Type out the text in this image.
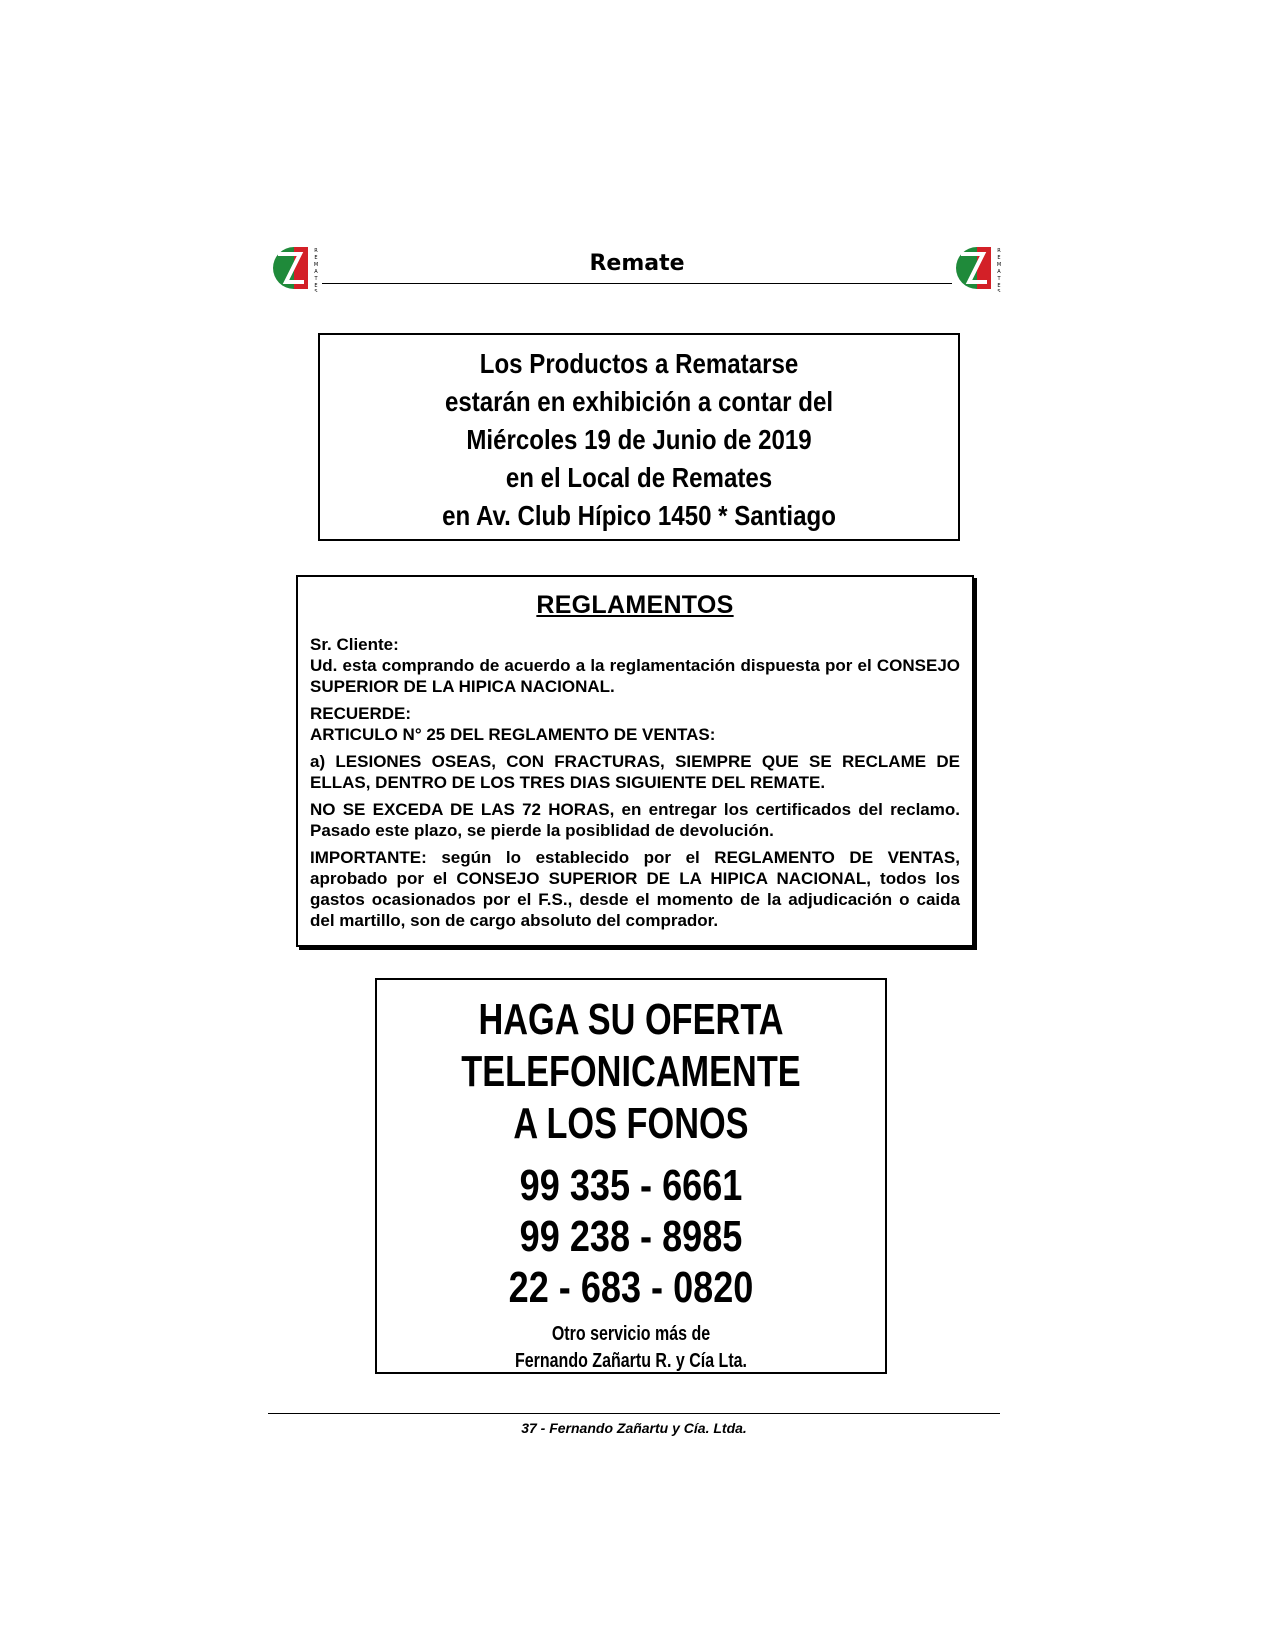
R
E
M
A
T
E
S
Remate	R
E
M
A
T
E
S
Los Productos a Rematarse
estarán en exhibición a contar del
Miércoles 19 de Junio de 2019
en el Local de Remates
en Av. Club Hípico 1450 * Santiago
REGLAMENTOS

Sr. Cliente:

Ud. esta comprando de acuerdo a la reglamentación dispuesta por el CONSEJO SUPERIOR DE LA HIPICA NACIONAL.

RECUERDE:

ARTICULO N° 25 DEL REGLAMENTO DE VENTAS:

a) LESIONES OSEAS, CON FRACTURAS, SIEMPRE QUE SE RECLAME DE ELLAS, DENTRO DE LOS TRES DIAS SIGUIENTE DEL REMATE.

NO SE EXCEDA DE LAS 72 HORAS, en entregar los certificados del reclamo. Pasado este plazo, se pierde la posiblidad de devolución.

IMPORTANTE: según lo establecido por el REGLAMENTO DE VENTAS, aprobado por el CONSEJO SUPERIOR DE LA HIPICA NACIONAL, todos los gastos ocasionados por el F.S., desde el momento de la adjudicación o caida del martillo, son de cargo absoluto del comprador.

HAGA SU OFERTA
TELEFONICAMENTE
A LOS FONOS
99 335 - 6661
99 238 - 8985
22 - 683 - 0820
Otro servicio más de
Fernando Zañartu R. y Cía Lta.
37 - Fernando Zañartu y Cía. Ltda.
